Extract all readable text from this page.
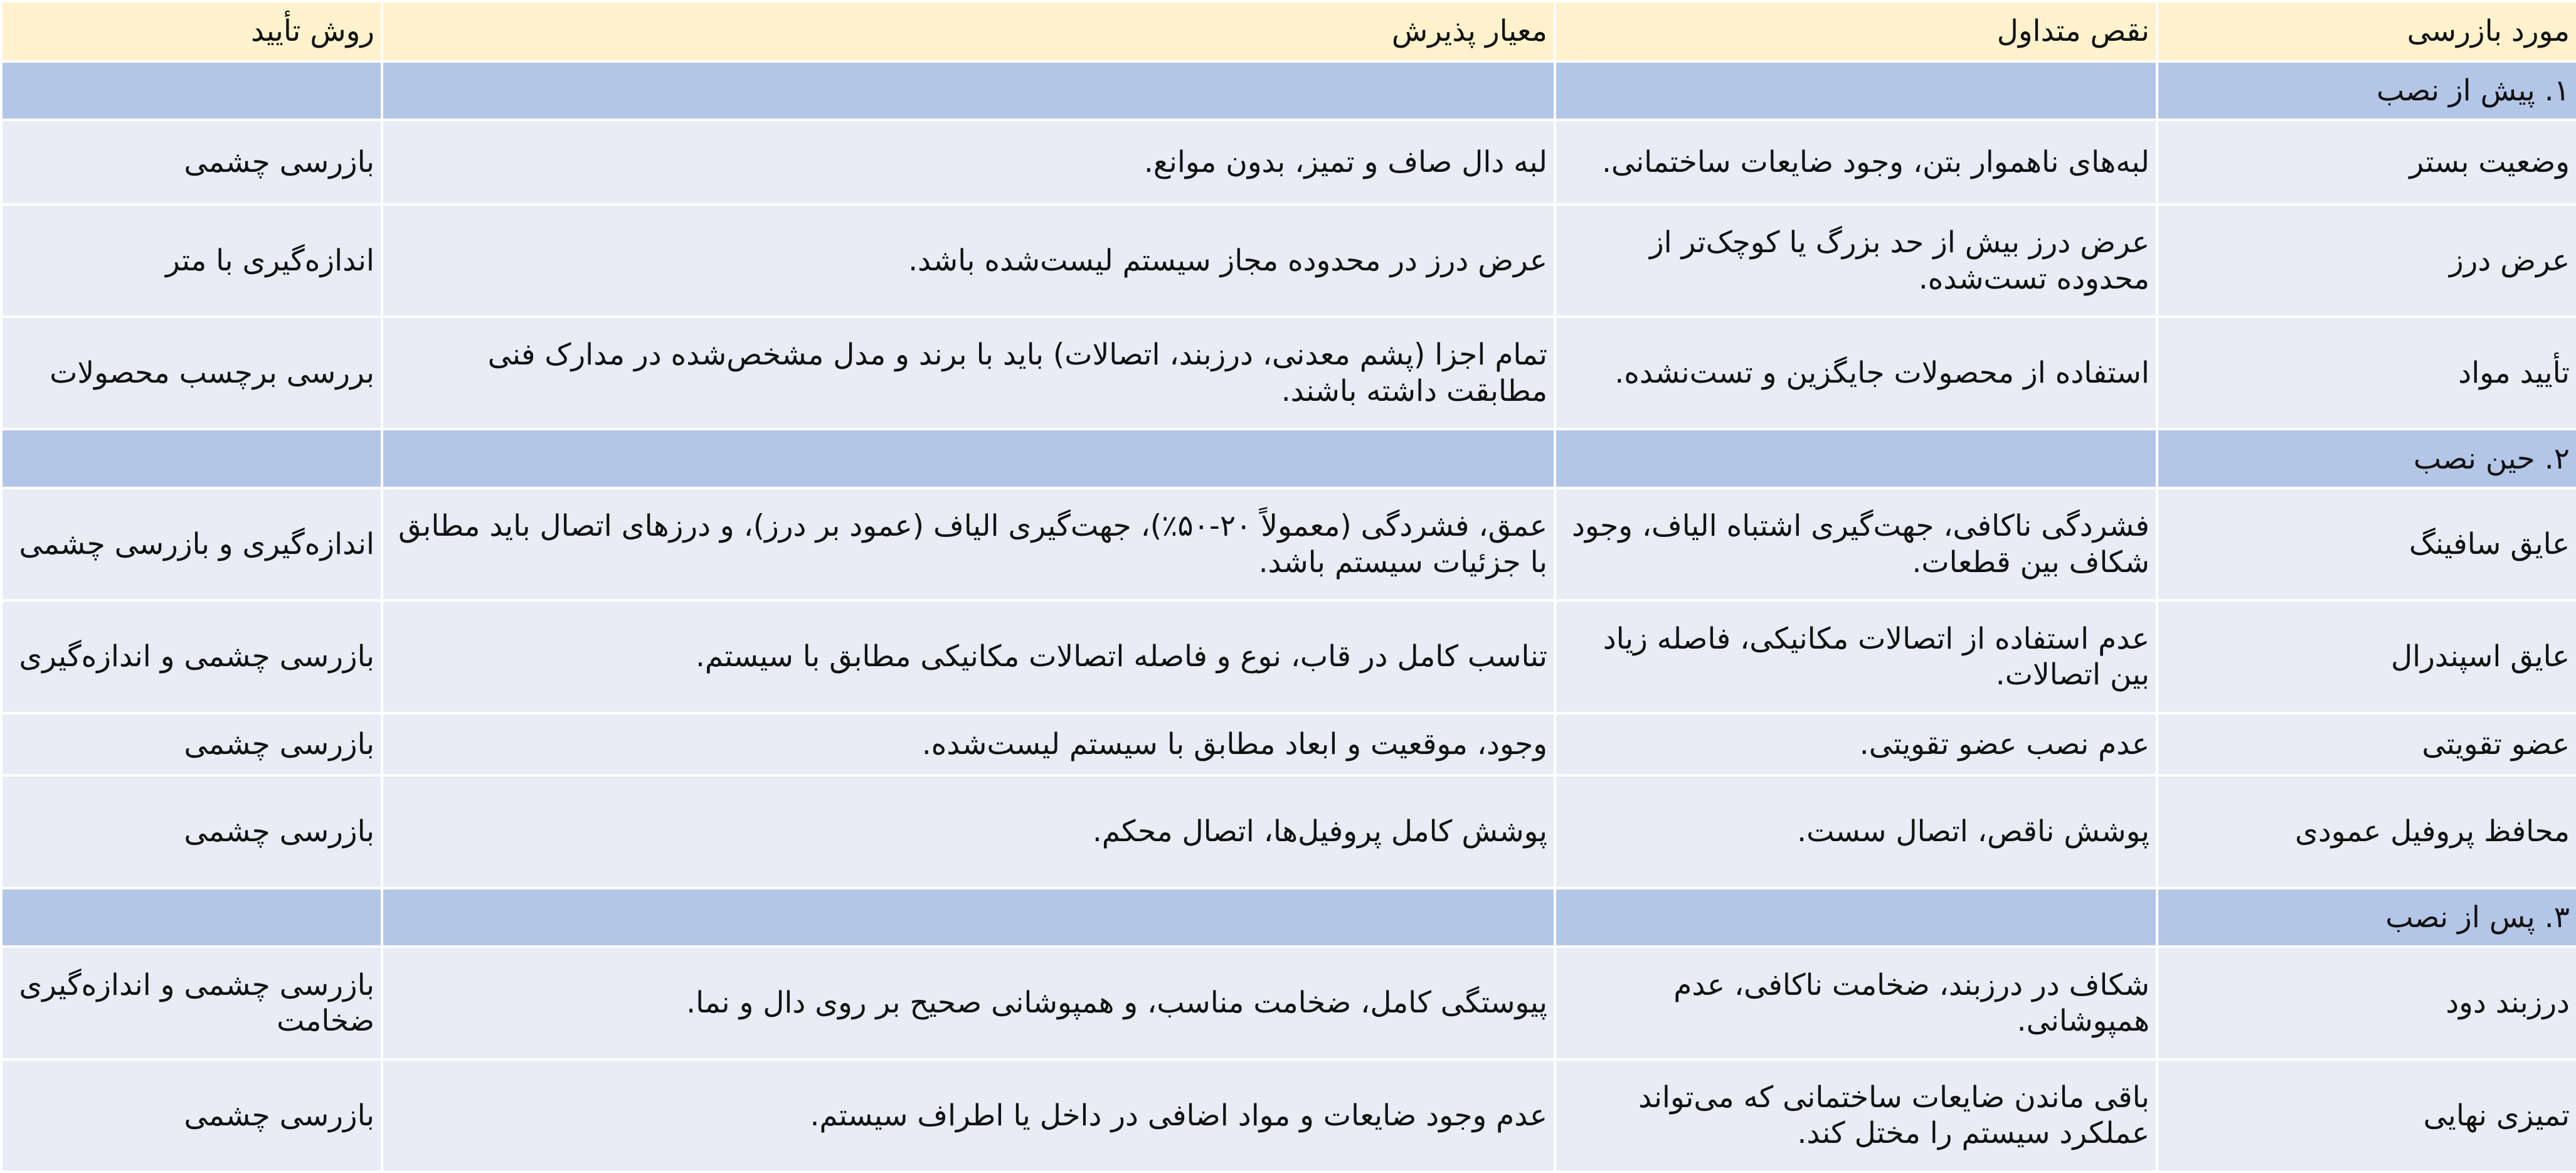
مورد بازرسی	نقص متداول	معیار پذیرش	روش تأیید
۱. پیش از نصب			
وضعیت بستر	لبه‌های ناهموار بتن، وجود ضایعات ساختمانی.	لبه دال صاف و تمیز، بدون موانع.	بازرسی چشمی
عرض درز	عرض درز بیش از حد بزرگ یا کوچک‌تر از محدوده تست‌شده.	عرض درز در محدوده مجاز سیستم لیست‌شده باشد.	اندازه‌گیری با متر
تأیید مواد	استفاده از محصولات جایگزین و تست‌نشده.	تمام اجزا (پشم معدنی، درزبند، اتصالات) باید با برند و مدل مشخص‌شده در مدارک فنی مطابقت داشته باشند.	بررسی برچسب محصولات
۲. حین نصب			
عایق سافینگ	فشردگی ناکافی، جهت‌گیری اشتباه الیاف، وجود شکاف بین قطعات.	عمق، فشردگی (معمولاً ۲۰-۵۰٪)، جهت‌گیری الیاف (عمود بر درز)، و درزهای اتصال باید مطابق با جزئیات سیستم باشد.	اندازه‌گیری و بازرسی چشمی
عایق اسپندرال	عدم استفاده از اتصالات مکانیکی، فاصله زیاد بین اتصالات.	تناسب کامل در قاب، نوع و فاصله اتصالات مکانیکی مطابق با سیستم.	بازرسی چشمی و اندازه‌گیری
عضو تقویتی	عدم نصب عضو تقویتی.	وجود، موقعیت و ابعاد مطابق با سیستم لیست‌شده.	بازرسی چشمی
محافظ پروفیل عمودی	پوشش ناقص، اتصال سست.	پوشش کامل پروفیل‌ها، اتصال محکم.	بازرسی چشمی
۳. پس از نصب			
درزبند دود	شکاف در درزبند، ضخامت ناکافی، عدم همپوشانی.	پیوستگی کامل، ضخامت مناسب، و همپوشانی صحیح بر روی دال و نما.	بازرسی چشمی و اندازه‌گیری ضخامت
تمیزی نهایی	باقی ماندن ضایعات ساختمانی که می‌تواند عملکرد سیستم را مختل کند.	عدم وجود ضایعات و مواد اضافی در داخل یا اطراف سیستم.	بازرسی چشمی
